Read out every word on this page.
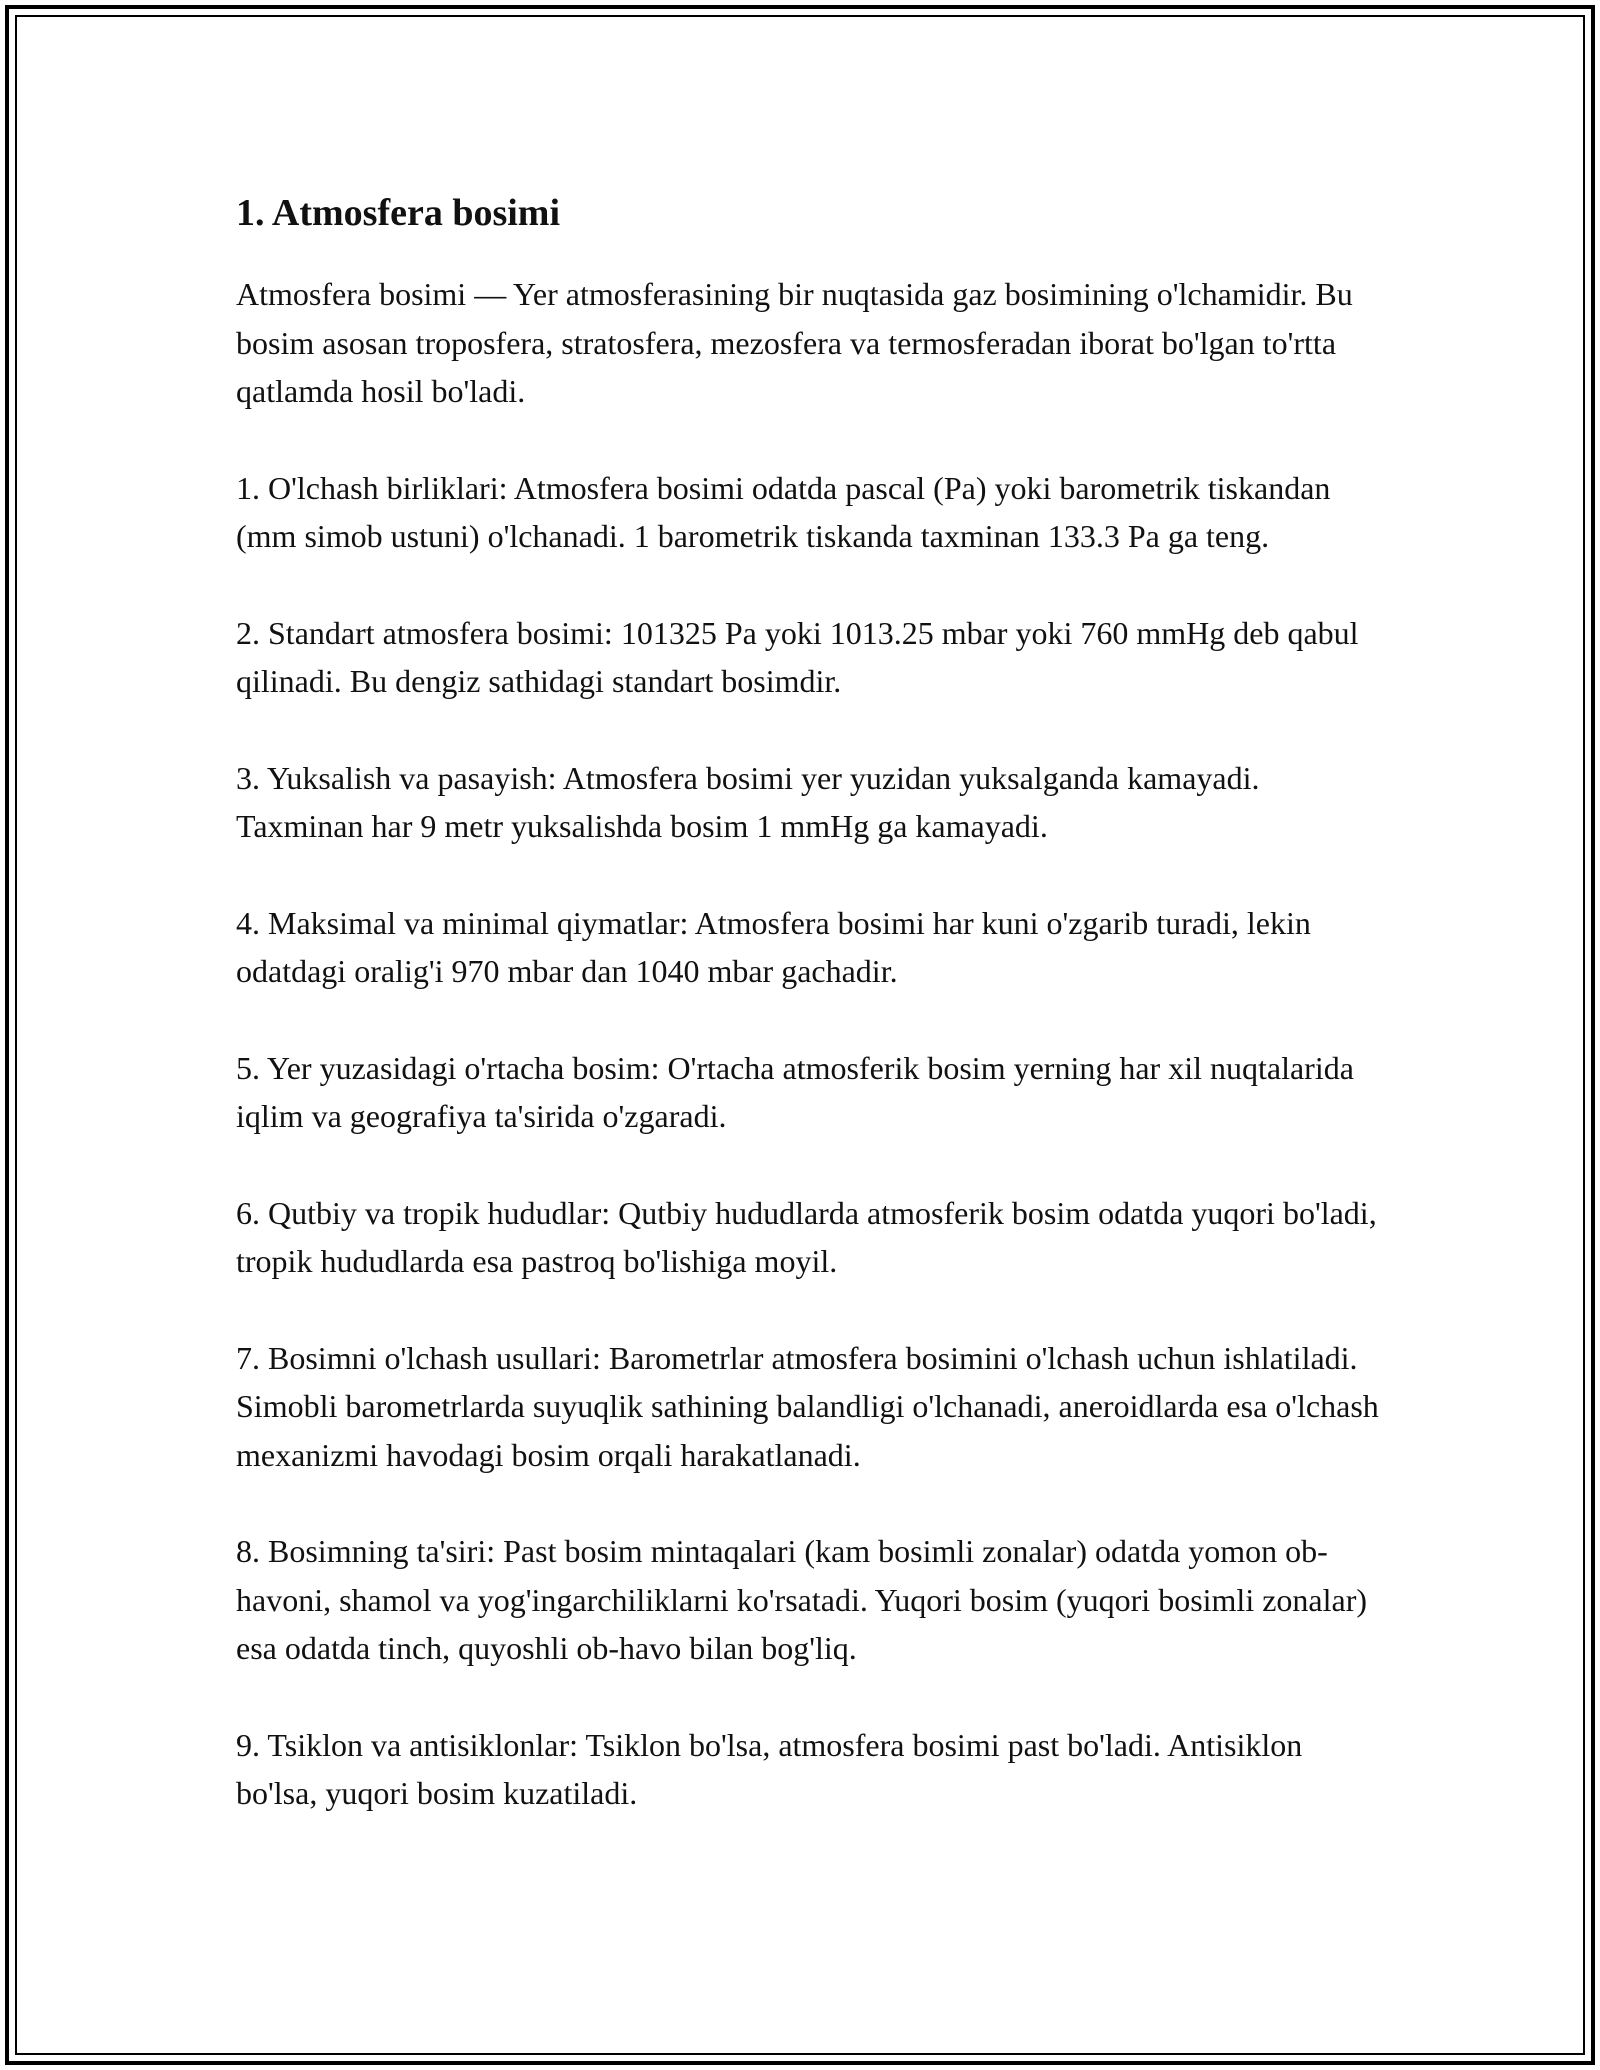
1. Atmosfera bosimi

Atmosfera bosimi — Yer atmosferasining bir nuqtasida gaz bosimining o'lchamidir. Bu bosim asosan troposfera, stratosfera, mezosfera va termosferadan iborat bo'lgan to'rtta qatlamda hosil bo'ladi.

1. O'lchash birliklari: Atmosfera bosimi odatda pascal (Pa) yoki barometrik tiskandan (mm simob ustuni) o'lchanadi. 1 barometrik tiskanda taxminan 133.3 Pa ga teng.

2. Standart atmosfera bosimi: 101325 Pa yoki 1013.25 mbar yoki 760 mmHg deb qabul qilinadi. Bu dengiz sathidagi standart bosimdir.

3. Yuksalish va pasayish: Atmosfera bosimi yer yuzidan yuksalganda kamayadi. Taxminan har 9 metr yuksalishda bosim 1 mmHg ga kamayadi.

4. Maksimal va minimal qiymatlar: Atmosfera bosimi har kuni o'zgarib turadi, lekin odatdagi oralig'i 970 mbar dan 1040 mbar gachadir.

5. Yer yuzasidagi o'rtacha bosim: O'rtacha atmosferik bosim yerning har xil nuqtalarida iqlim va geografiya ta'sirida o'zgaradi.

6. Qutbiy va tropik hududlar: Qutbiy hududlarda atmosferik bosim odatda yuqori bo'ladi, tropik hududlarda esa pastroq bo'lishiga moyil.

7. Bosimni o'lchash usullari: Barometrlar atmosfera bosimini o'lchash uchun ishlatiladi. Simobli barometrlarda suyuqlik sathining balandligi o'lchanadi, aneroidlarda esa o'lchash mexanizmi havodagi bosim orqali harakatlanadi.

8. Bosimning ta'siri: Past bosim mintaqalari (kam bosimli zonalar) odatda yomon ob-havoni, shamol va yog'ingarchiliklarni ko'rsatadi. Yuqori bosim (yuqori bosimli zonalar) esa odatda tinch, quyoshli ob-havo bilan bog'liq.

9. Tsiklon va antisiklonlar: Tsiklon bo'lsa, atmosfera bosimi past bo'ladi. Antisiklon bo'lsa, yuqori bosim kuzatiladi.
